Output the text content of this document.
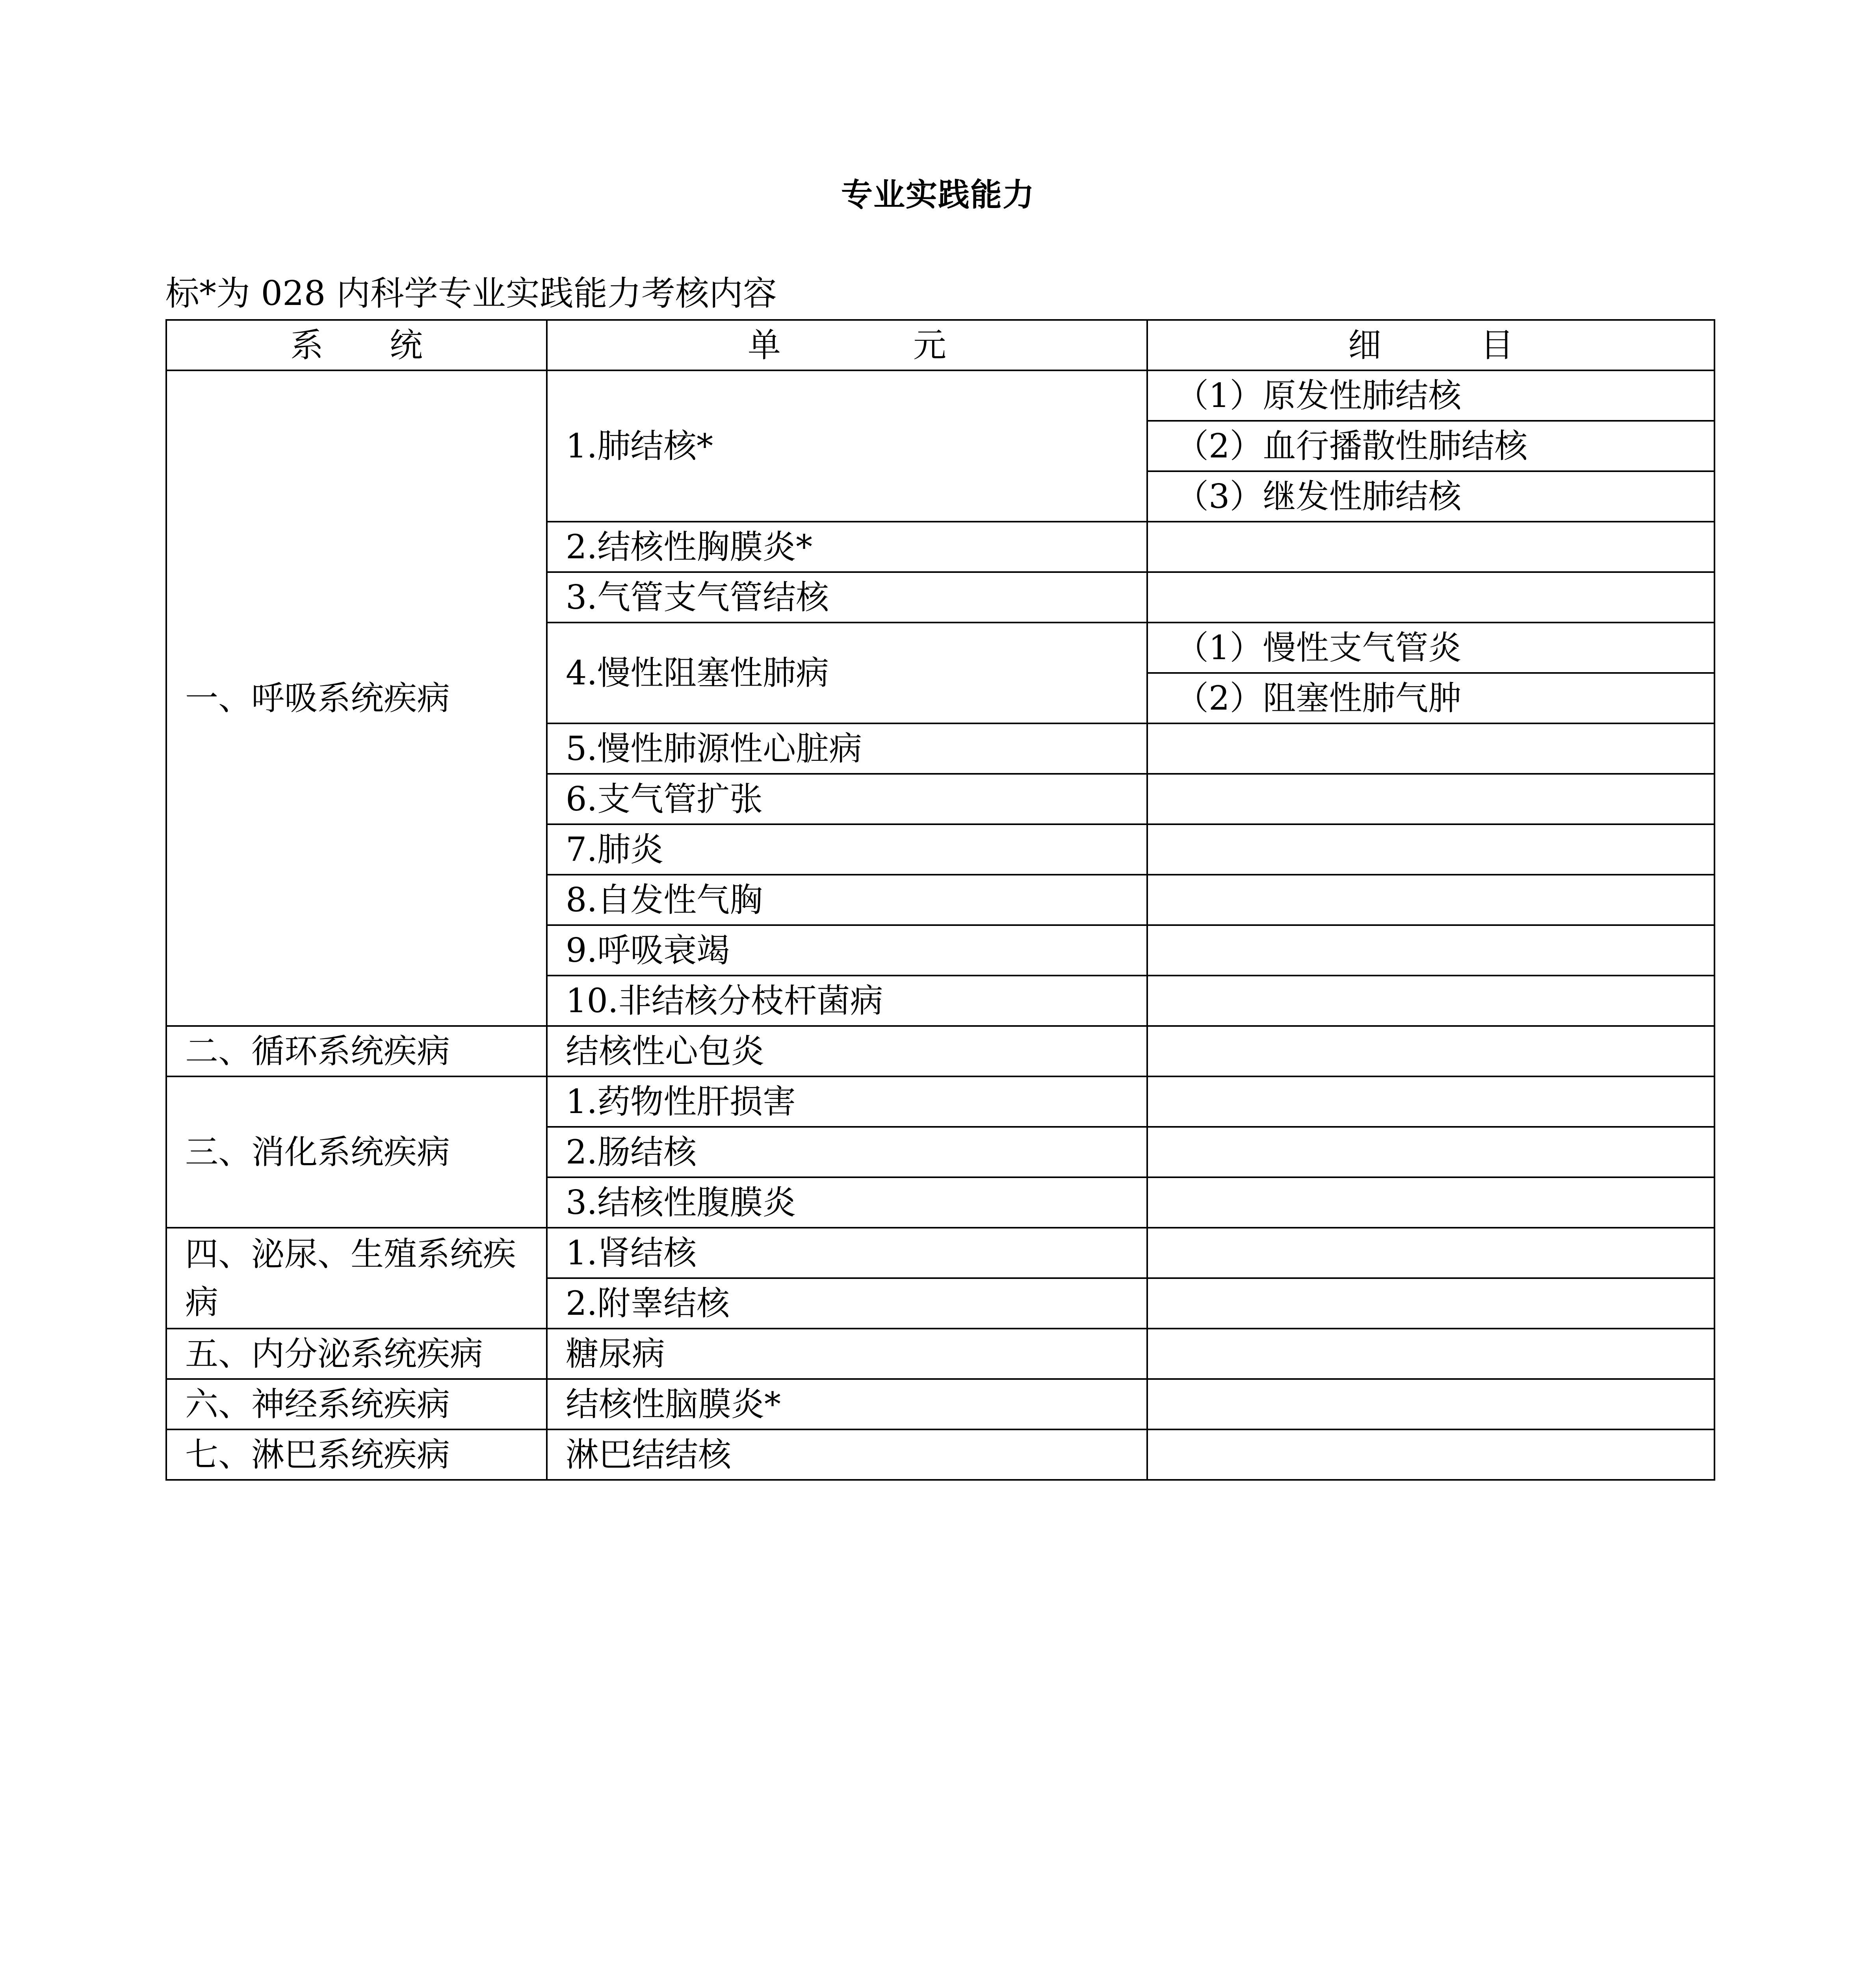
专业实践能力
标*为 028 内科学专业实践能力考核内容
系　　统	单　　　　元	细　　　目
一、呼吸系统疾病	1.肺结核*	（1）原发性肺结核
		（2）血行播散性肺结核
		（3）继发性肺结核
	2.结核性胸膜炎*	
	3.气管支气管结核	
	4.慢性阻塞性肺病	（1）慢性支气管炎
		（2）阻塞性肺气肿
	5.慢性肺源性心脏病	
	6.支气管扩张	
	7.肺炎	
	8.自发性气胸	
	9.呼吸衰竭	
	10.非结核分枝杆菌病	
二、循环系统疾病	结核性心包炎	
三、消化系统疾病	1.药物性肝损害	
	2.肠结核	
	3.结核性腹膜炎	
四、泌尿、生殖系统疾病	1.肾结核	
	2.附睾结核	
五、内分泌系统疾病	糖尿病	
六、神经系统疾病	结核性脑膜炎*	
七、淋巴系统疾病	淋巴结结核	
